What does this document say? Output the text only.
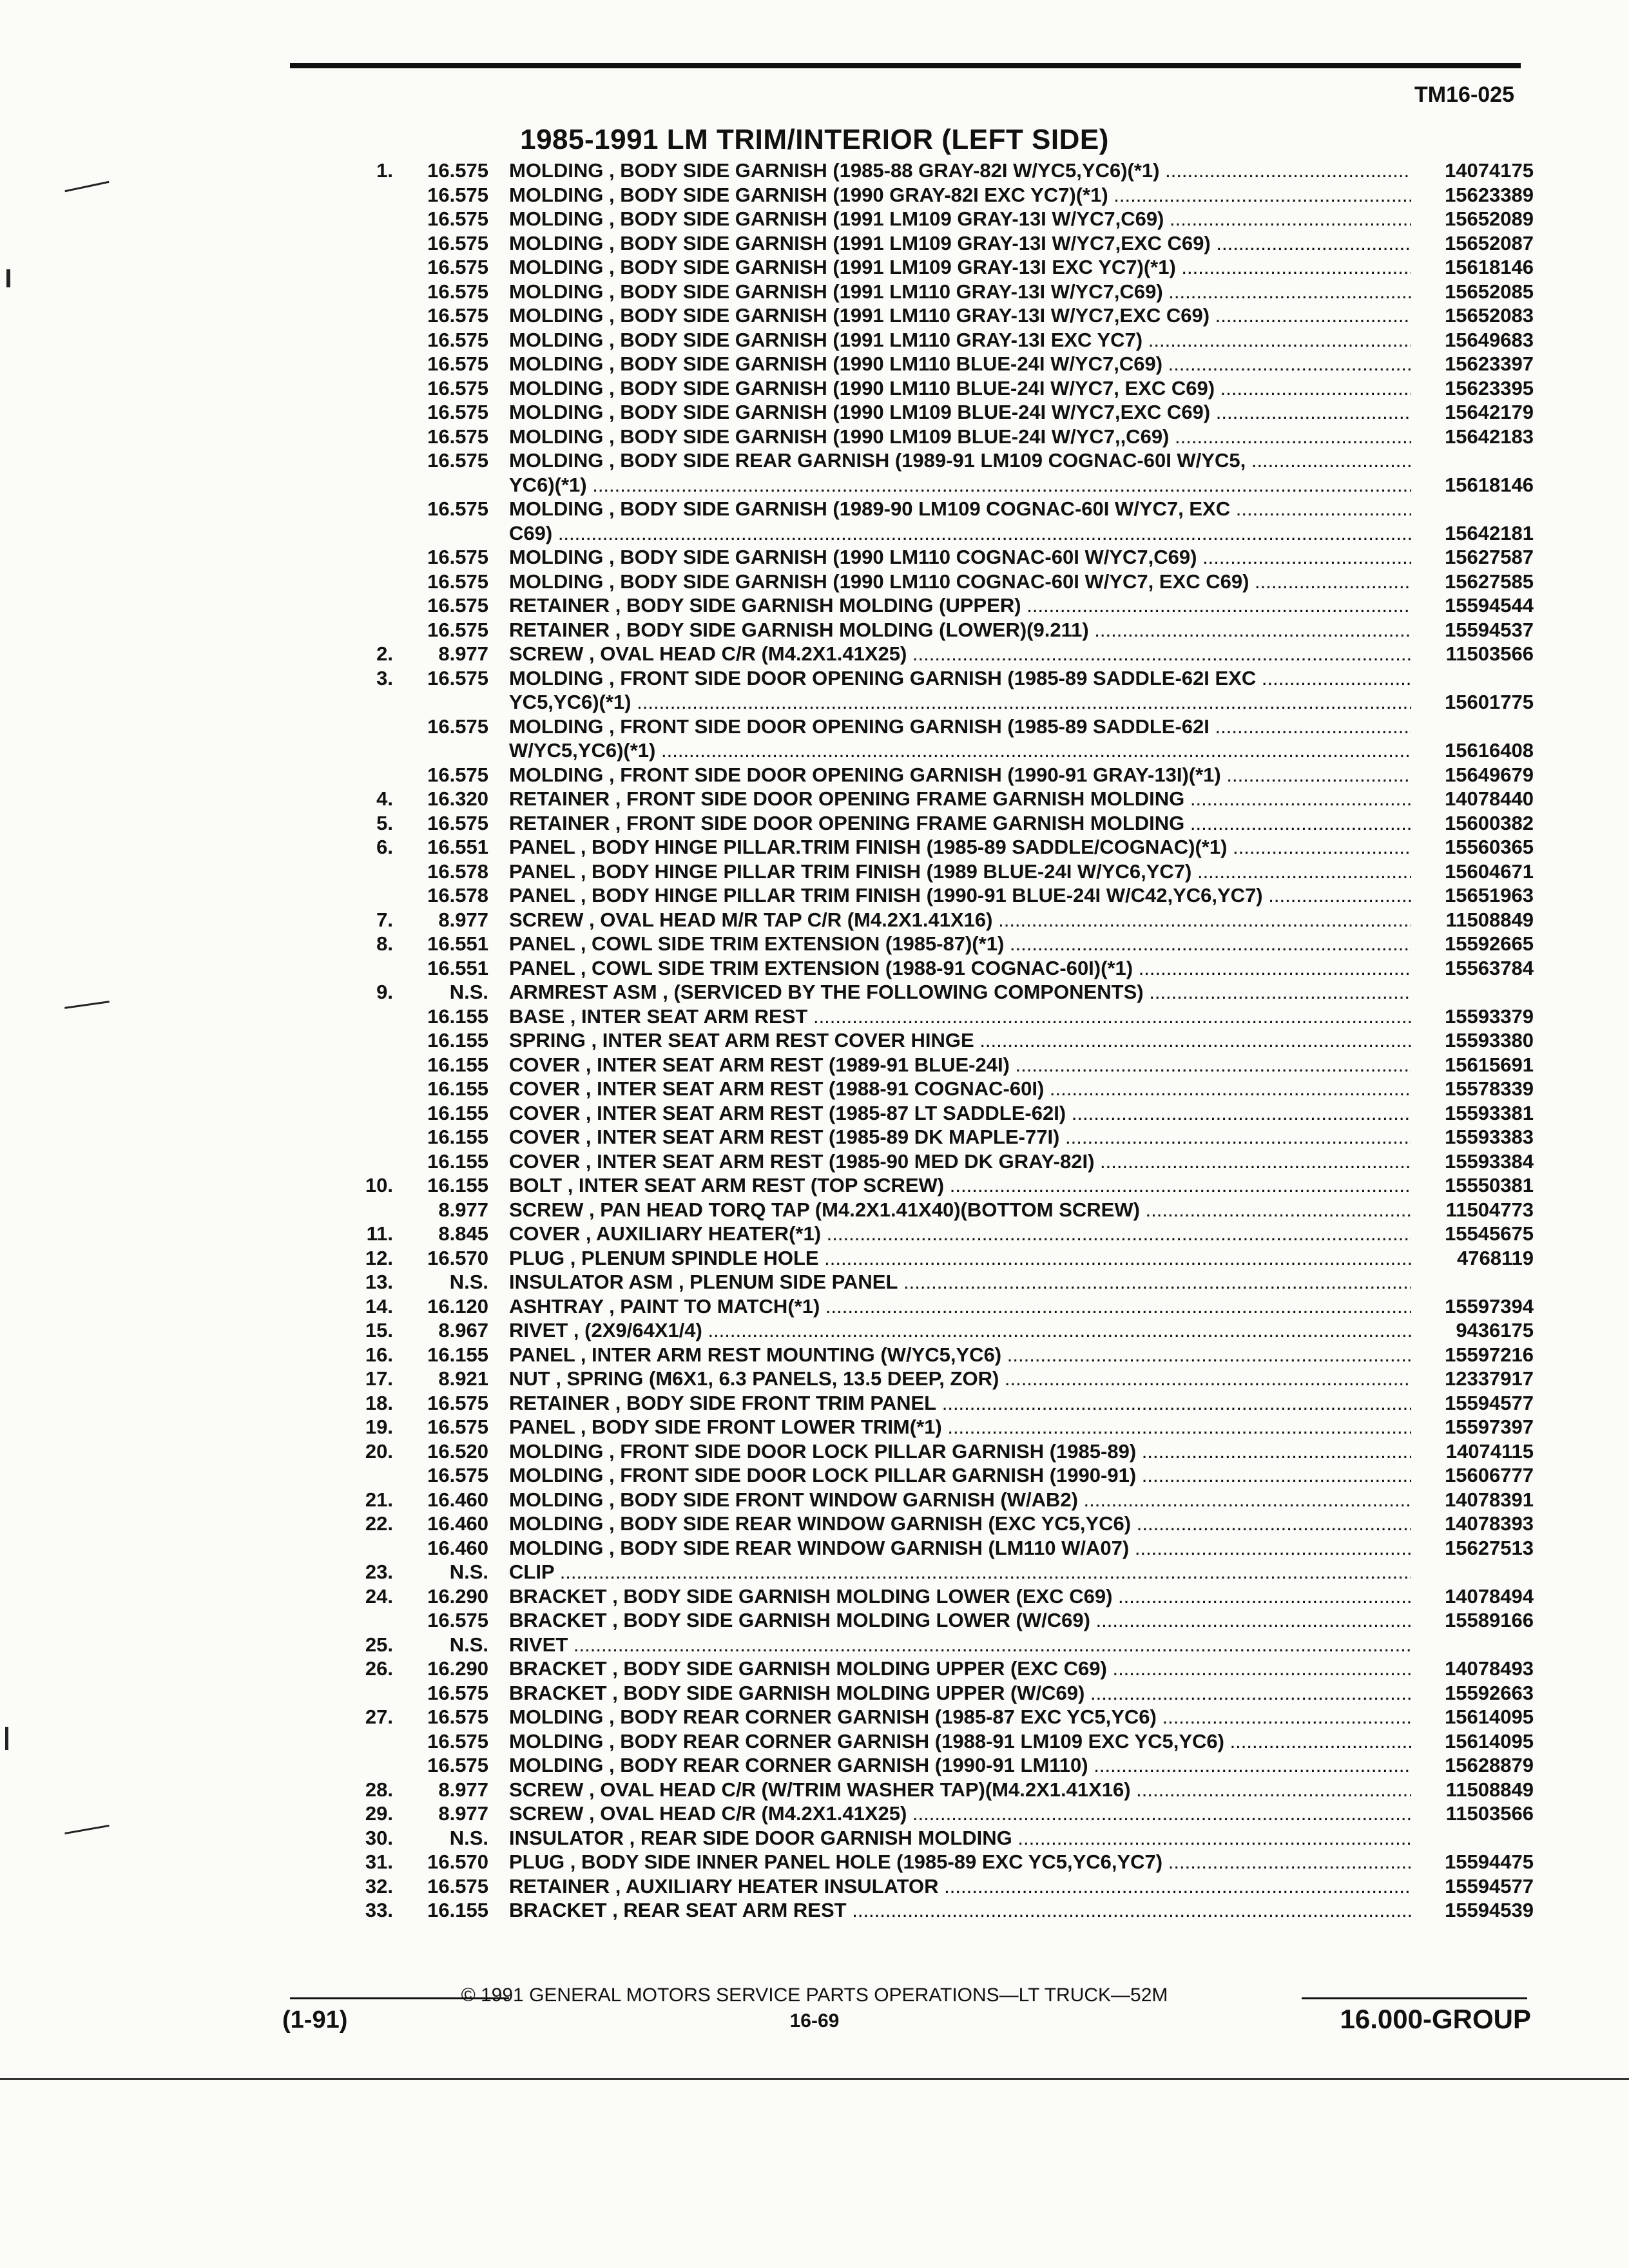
TM16-025
1985-1991 LM TRIM/INTERIOR (LEFT SIDE)
1.	16.575	MOLDING , BODY SIDE GARNISH (1985-88 GRAY-82I W/YC5,YC6)(*1) .....	14074175
16.575	MOLDING , BODY SIDE GARNISH (1990 GRAY-82I EXC YC7)(*1) .....	15623389
16.575	MOLDING , BODY SIDE GARNISH (1991 LM109 GRAY-13I W/YC7,C69) .....	15652089
16.575	MOLDING , BODY SIDE GARNISH (1991 LM109 GRAY-13I W/YC7,EXC C69) .....	15652087
16.575	MOLDING , BODY SIDE GARNISH (1991 LM109 GRAY-13I EXC YC7)(*1) .....	15618146
16.575	MOLDING , BODY SIDE GARNISH (1991 LM110 GRAY-13I W/YC7,C69) .....	15652085
16.575	MOLDING , BODY SIDE GARNISH (1991 LM110 GRAY-13I W/YC7,EXC C69) .....	15652083
16.575	MOLDING , BODY SIDE GARNISH (1991 LM110 GRAY-13I EXC YC7) .....	15649683
16.575	MOLDING , BODY SIDE GARNISH (1990 LM110 BLUE-24I W/YC7,C69) .....	15623397
16.575	MOLDING , BODY SIDE GARNISH (1990 LM110 BLUE-24I W/YC7, EXC C69) .....	15623395
16.575	MOLDING , BODY SIDE GARNISH (1990 LM109 BLUE-24I W/YC7,EXC C69) .....	15642179
16.575	MOLDING , BODY SIDE GARNISH (1990 LM109 BLUE-24I W/YC7,,C69) .....	15642183
16.575	MOLDING , BODY SIDE REAR GARNISH (1989-91 LM109 COGNAC-60I W/YC5, .....
YC6)(*1) .....	15618146
16.575	MOLDING , BODY SIDE GARNISH (1989-90 LM109 COGNAC-60I W/YC7, EXC .....
C69) .....	15642181
16.575	MOLDING , BODY SIDE GARNISH (1990 LM110 COGNAC-60I W/YC7,C69) .....	15627587
16.575	MOLDING , BODY SIDE GARNISH (1990 LM110 COGNAC-60I W/YC7, EXC C69) .....	15627585
16.575	RETAINER , BODY SIDE GARNISH MOLDING (UPPER) .....	15594544
16.575	RETAINER , BODY SIDE GARNISH MOLDING (LOWER)(9.211) .....	15594537
2.	8.977	SCREW , OVAL HEAD C/R (M4.2X1.41X25) .....	11503566
3.	16.575	MOLDING , FRONT SIDE DOOR OPENING GARNISH (1985-89 SADDLE-62I EXC .....
YC5,YC6)(*1) .....	15601775
16.575	MOLDING , FRONT SIDE DOOR OPENING GARNISH (1985-89 SADDLE-62I .....
W/YC5,YC6)(*1) .....	15616408
16.575	MOLDING , FRONT SIDE DOOR OPENING GARNISH (1990-91 GRAY-13I)(*1) .....	15649679
4.	16.320	RETAINER , FRONT SIDE DOOR OPENING FRAME GARNISH MOLDING .....	14078440
5.	16.575	RETAINER , FRONT SIDE DOOR OPENING FRAME GARNISH MOLDING .....	15600382
6.	16.551	PANEL , BODY HINGE PILLAR.TRIM FINISH (1985-89 SADDLE/COGNAC)(*1) .....	15560365
16.578	PANEL , BODY HINGE PILLAR TRIM FINISH (1989 BLUE-24I W/YC6,YC7) .....	15604671
16.578	PANEL , BODY HINGE PILLAR TRIM FINISH (1990-91 BLUE-24I W/C42,YC6,YC7) .....	15651963
7.	8.977	SCREW , OVAL HEAD M/R TAP C/R (M4.2X1.41X16) .....	11508849
8.	16.551	PANEL , COWL SIDE TRIM EXTENSION (1985-87)(*1) .....	15592665
16.551	PANEL , COWL SIDE TRIM EXTENSION (1988-91 COGNAC-60I)(*1) .....	15563784
9.	N.S.	ARMREST ASM , (SERVICED BY THE FOLLOWING COMPONENTS) .....
16.155	BASE , INTER SEAT ARM REST .....	15593379
16.155	SPRING , INTER SEAT ARM REST COVER HINGE .....	15593380
16.155	COVER , INTER SEAT ARM REST (1989-91 BLUE-24I) .....	15615691
16.155	COVER , INTER SEAT ARM REST (1988-91 COGNAC-60I) .....	15578339
16.155	COVER , INTER SEAT ARM REST (1985-87 LT SADDLE-62I) .....	15593381
16.155	COVER , INTER SEAT ARM REST (1985-89 DK MAPLE-77I) .....	15593383
16.155	COVER , INTER SEAT ARM REST (1985-90 MED DK GRAY-82I) .....	15593384
10.	16.155	BOLT , INTER SEAT ARM REST (TOP SCREW) .....	15550381
8.977	SCREW , PAN HEAD TORQ TAP (M4.2X1.41X40)(BOTTOM SCREW) .....	11504773
11.	8.845	COVER , AUXILIARY HEATER(*1) .....	15545675
12.	16.570	PLUG , PLENUM SPINDLE HOLE .....	4768119
13.	N.S.	INSULATOR ASM , PLENUM SIDE PANEL .....
14.	16.120	ASHTRAY , PAINT TO MATCH(*1) .....	15597394
15.	8.967	RIVET , (2X9/64X1/4) .....	9436175
16.	16.155	PANEL , INTER ARM REST MOUNTING (W/YC5,YC6) .....	15597216
17.	8.921	NUT , SPRING (M6X1, 6.3 PANELS, 13.5 DEEP, ZOR) .....	12337917
18.	16.575	RETAINER , BODY SIDE FRONT TRIM PANEL .....	15594577
19.	16.575	PANEL , BODY SIDE FRONT LOWER TRIM(*1) .....	15597397
20.	16.520	MOLDING , FRONT SIDE DOOR LOCK PILLAR GARNISH (1985-89) .....	14074115
16.575	MOLDING , FRONT SIDE DOOR LOCK PILLAR GARNISH (1990-91) .....	15606777
21.	16.460	MOLDING , BODY SIDE FRONT WINDOW GARNISH (W/AB2) .....	14078391
22.	16.460	MOLDING , BODY SIDE REAR WINDOW GARNISH (EXC YC5,YC6) .....	14078393
16.460	MOLDING , BODY SIDE REAR WINDOW GARNISH (LM110 W/A07) .....	15627513
23.	N.S.	CLIP .....
24.	16.290	BRACKET , BODY SIDE GARNISH MOLDING LOWER (EXC C69) .....	14078494
16.575	BRACKET , BODY SIDE GARNISH MOLDING LOWER (W/C69) .....	15589166
25.	N.S.	RIVET .....
26.	16.290	BRACKET , BODY SIDE GARNISH MOLDING UPPER (EXC C69) .....	14078493
16.575	BRACKET , BODY SIDE GARNISH MOLDING UPPER (W/C69) .....	15592663
27.	16.575	MOLDING , BODY REAR CORNER GARNISH (1985-87 EXC YC5,YC6) .....	15614095
16.575	MOLDING , BODY REAR CORNER GARNISH (1988-91 LM109 EXC YC5,YC6) .....	15614095
16.575	MOLDING , BODY REAR CORNER GARNISH (1990-91 LM110) .....	15628879
28.	8.977	SCREW , OVAL HEAD C/R (W/TRIM WASHER TAP)(M4.2X1.41X16) .....	11508849
29.	8.977	SCREW , OVAL HEAD C/R (M4.2X1.41X25) .....	11503566
30.	N.S.	INSULATOR , REAR SIDE DOOR GARNISH MOLDING .....
31.	16.570	PLUG , BODY SIDE INNER PANEL HOLE (1985-89 EXC YC5,YC6,YC7) .....	15594475
32.	16.575	RETAINER , AUXILIARY HEATER INSULATOR .....	15594577
33.	16.155	BRACKET , REAR SEAT ARM REST .....	15594539
© 1991 GENERAL MOTORS SERVICE PARTS OPERATIONS—LT TRUCK—52M
(1-91)	16-69	16.000-GROUP
